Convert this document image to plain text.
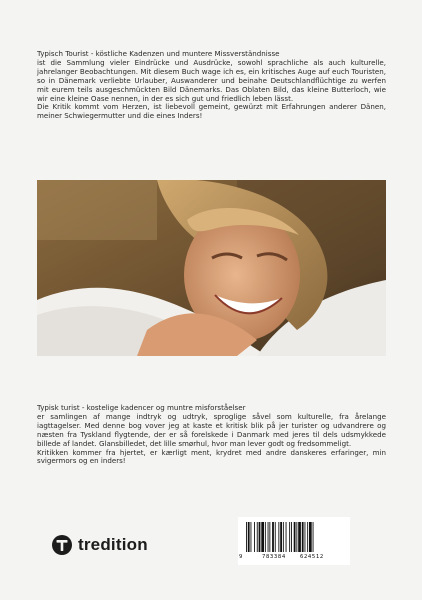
Typisch Tourist - köstliche Kadenzen und muntere Missverständnisse
ist die Sammlung vieler Eindrücke und Ausdrücke, sowohl sprachliche als auch kulturelle, jahrelanger Beobachtungen. Mit diesem Buch wage ich es, ein kritisches Auge auf euch Touristen, so in Dänemark verliebte Urlauber, Auswanderer und beinahe Deutschlandflüchtige zu werfen mit eurem teils ausgeschmückten Bild Dänemarks. Das Oblaten Bild, das kleine Butterloch, wie wir eine kleine Oase nennen, in der es sich gut und friedlich leben lässt.
Die Kritik kommt vom Herzen, ist liebevoll gemeint, gewürzt mit Erfahrungen anderer Dänen, meiner Schwiegermutter und die eines Inders!
Typisk turist - kostelige kadencer og muntre misforståelser
er samlingen af mange indtryk og udtryk, sproglige såvel som kulturelle, fra årelange iagttagelser. Med denne bog vover jeg at kaste et kritisk blik på jer turister og udvandrere og næsten fra Tyskland flygtende, der er så forelskede i Danmark med jeres til dels udsmykkede billede af landet. Glansbilledet, det lille smørhul, hvor man lever godt og fredsommeligt.
Kritikken kommer fra hjertet, er kærligt ment, krydret med andre danskeres erfaringer, min svigermors og en inders!
tredition
9	783384	624512
